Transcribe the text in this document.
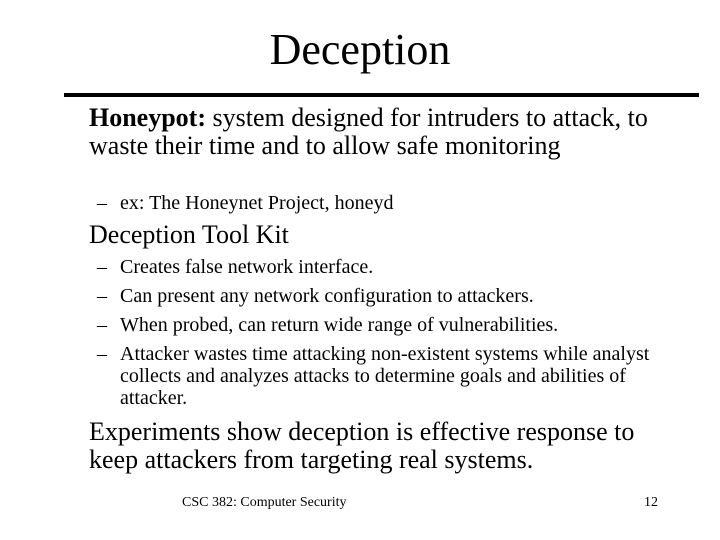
Deception
Honeypot: system designed for intruders to attack, to waste their time and to allow safe monitoring
– ex: The Honeynet Project, honeyd
Deception Tool Kit
– Creates false network interface.
– Can present any network configuration to attackers.
– When probed, can return wide range of vulnerabilities.
– Attacker wastes time attacking non-existent systems while analyst collects and analyzes attacks to determine goals and abilities of attacker.
Experiments show deception is effective response to keep attackers from targeting real systems.
CSC 382: Computer Security	12
